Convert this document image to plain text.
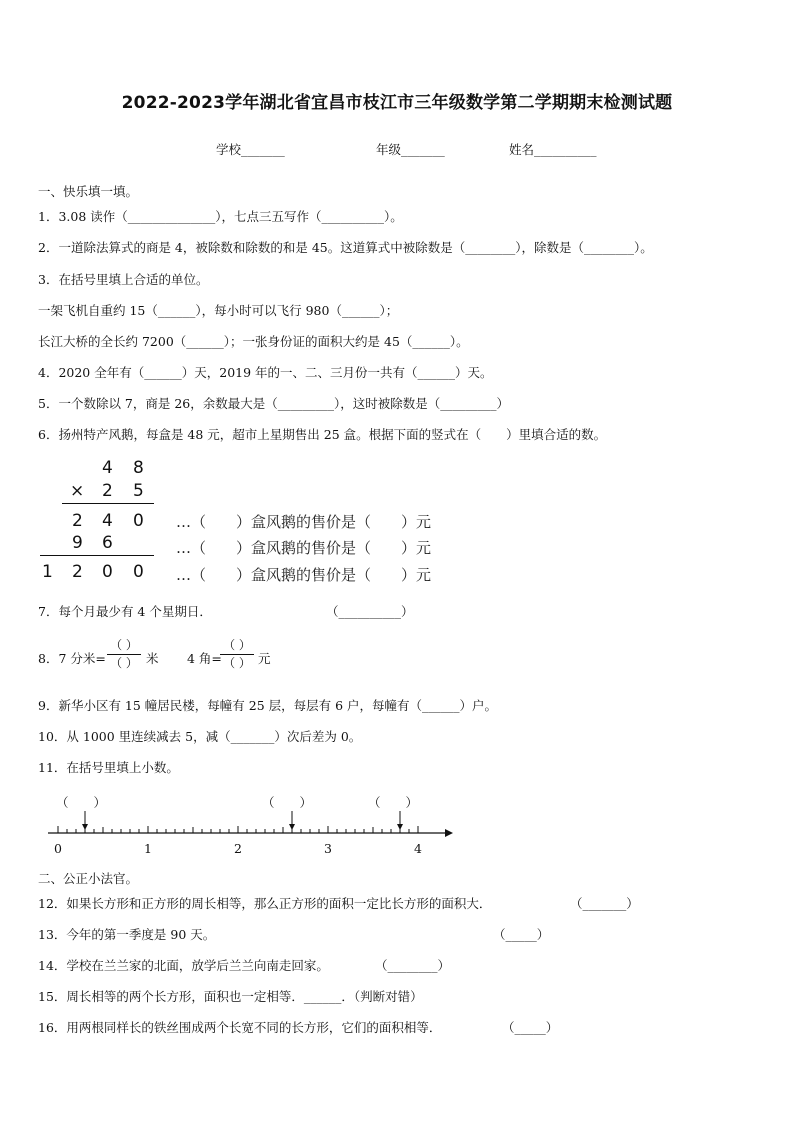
2022-2023学年湖北省宜昌市枝江市三年级数学第二学期期末检测试题
学校_______	年级_______	姓名__________
一、快乐填一填。
1．3.08 读作（______________），七点三五写作（__________）。
2．一道除法算式的商是 4，被除数和除数的和是 45。这道算式中被除数是（________），除数是（________）。
3．在括号里填上合适的单位。
一架飞机自重约 15（______），每小时可以飞行 980（______）；
长江大桥的全长约 7200（______）；一张身份证的面积大约是 45（______）。
4．2020 全年有（______）天，2019 年的一、二、三月份一共有（______）天。
5．一个数除以 7，商是 26，余数最大是（_________），这时被除数是（_________）
6．扬州特产风鹅，每盒是 48 元，超市上星期售出 25 盒。根据下面的竖式在（　　）里填合适的数。
4 8
× 2 5
2 4 0
9 6
1 2 0 0
…（　　）盒风鹅的售价是（　　）元
…（　　）盒风鹅的售价是（　　）元
…（　　）盒风鹅的售价是（　　）元
7．每个月最少有 4 个星期日．	（__________）
8．7 分米=
（ ）
（ ） 米 4 角=
（ ）
（ ） 元
9．新华小区有 15 幢居民楼，每幢有 25 层，每层有 6 户，每幢有（______）户。
10．从 1000 里连续减去 5，减（_______）次后差为 0。
11．在括号里填上小数。
（　　）	（　　）	（　　）
0	1	2	3	4
二、公正小法官。
12．如果长方形和正方形的周长相等，那么正方形的面积一定比长方形的面积大．	（_______）
13．今年的第一季度是 90 天。	（_____）
14．学校在兰兰家的北面，放学后兰兰向南走回家。	（________）
15．周长相等的两个长方形，面积也一定相等．______．（判断对错）
16．用两根同样长的铁丝围成两个长宽不同的长方形，它们的面积相等．	（_____）
